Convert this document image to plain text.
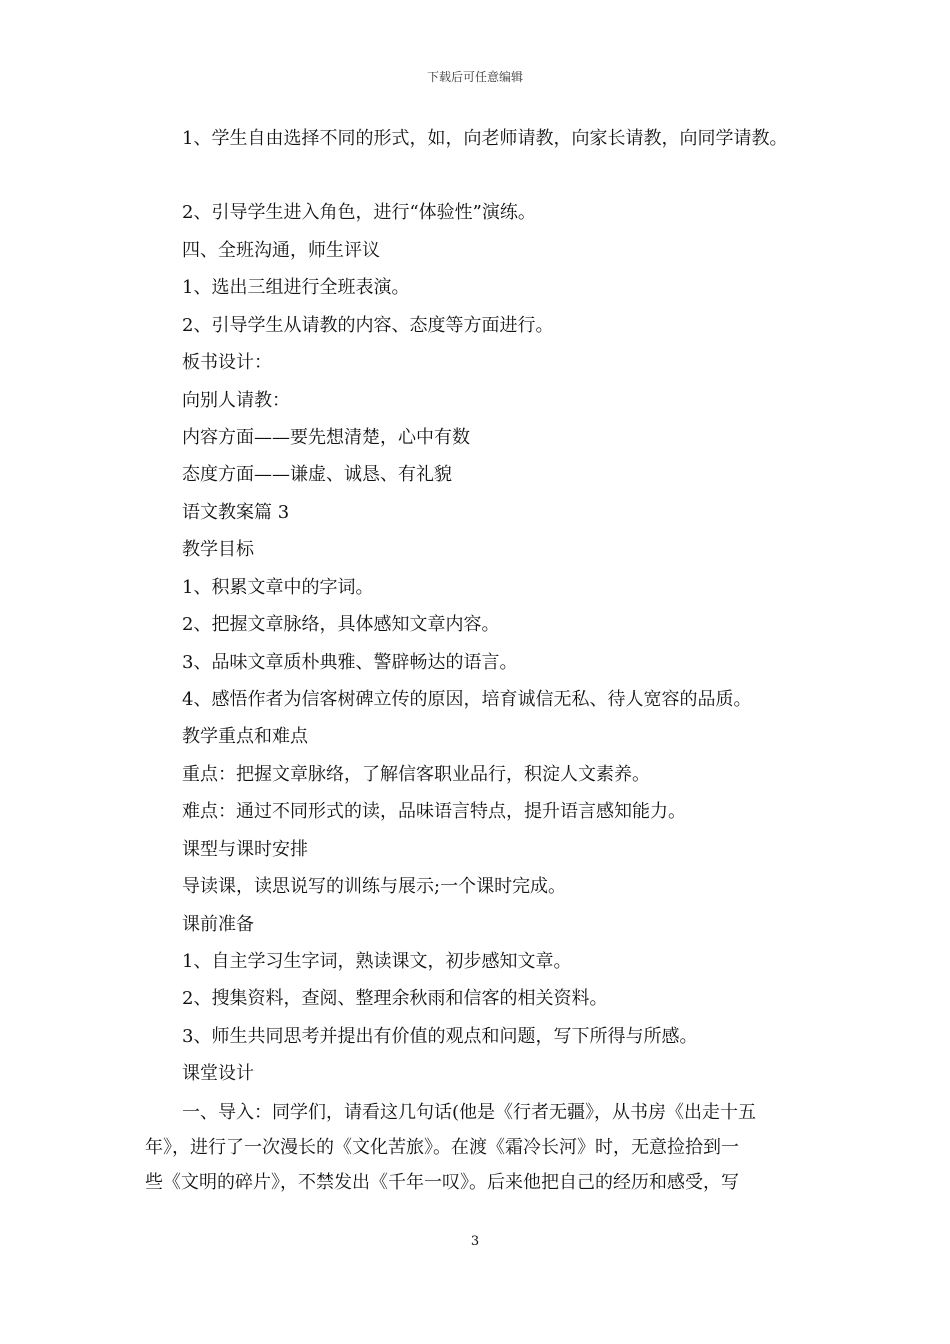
下载后可任意编辑
1、学生自由选择不同的形式，如，向老师请教，向家长请教，向同学请教。
2、引导学生进入角色，进行“体验性”演练。
四、全班沟通，师生评议
1、选出三组进行全班表演。
2、引导学生从请教的内容、态度等方面进行。
板书设计：
向别人请教：
内容方面——要先想清楚，心中有数
态度方面——谦虚、诚恳、有礼貌
语文教案篇 3
教学目标
1、积累文章中的字词。
2、把握文章脉络，具体感知文章内容。
3、品味文章质朴典雅、警辟畅达的语言。
4、感悟作者为信客树碑立传的原因，培育诚信无私、待人宽容的品质。
教学重点和难点
重点：把握文章脉络，了解信客职业品行，积淀人文素养。
难点：通过不同形式的读，品味语言特点，提升语言感知能力。
课型与课时安排
导读课，读思说写的训练与展示;一个课时完成。
课前准备
1、自主学习生字词，熟读课文，初步感知文章。
2、搜集资料，查阅、整理余秋雨和信客的相关资料。
3、师生共同思考并提出有价值的观点和问题，写下所得与所感。
课堂设计
一、导入：同学们，请看这几句话(他是《行者无疆》，从书房《出走十五
年》，进行了一次漫长的《文化苦旅》。在渡《霜冷长河》时，无意捡拾到一
些《文明的碎片》，不禁发出《千年一叹》。后来他把自己的经历和感受，写
3
